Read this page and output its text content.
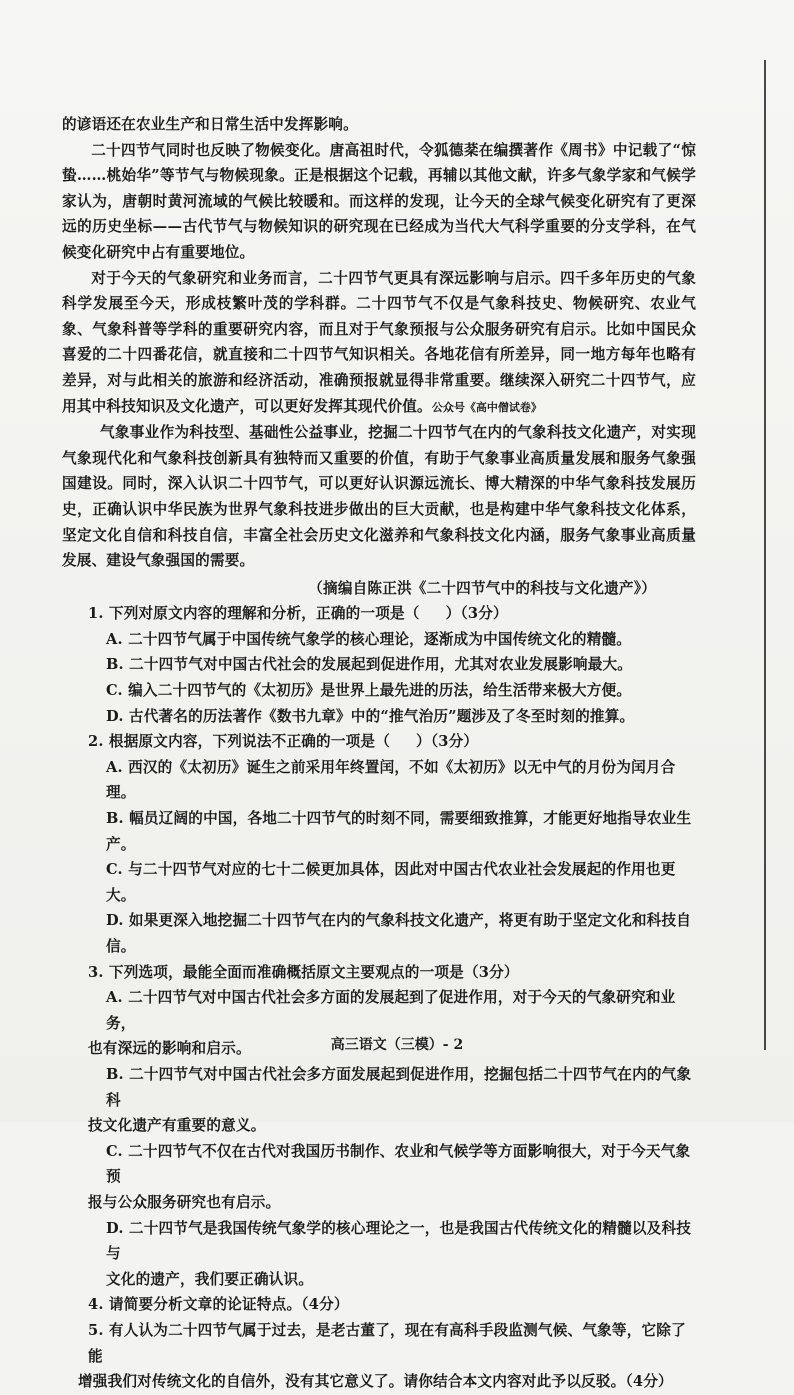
的谚语还在农业生产和日常生活中发挥影响。

二十四节气同时也反映了物候变化。唐高祖时代，令狐德棻在编撰著作《周书》中记载了“惊蛰……桃始华”等节气与物候现象。正是根据这个记载，再辅以其他文献，许多气象学家和气候学家认为，唐朝时黄河流域的气候比较暖和。而这样的发现，让今天的全球气候变化研究有了更深远的历史坐标——古代节气与物候知识的研究现在已经成为当代大气科学重要的分支学科，在气候变化研究中占有重要地位。

对于今天的气象研究和业务而言，二十四节气更具有深远影响与启示。四千多年历史的气象科学发展至今天，形成枝繁叶茂的学科群。二十四节气不仅是气象科技史、物候研究、农业气象、气象科普等学科的重要研究内容，而且对于气象预报与公众服务研究有启示。比如中国民众喜爱的二十四番花信，就直接和二十四节气知识相关。各地花信有所差异，同一地方每年也略有差异，对与此相关的旅游和经济活动，准确预报就显得非常重要。继续深入研究二十四节气，应用其中科技知识及文化遗产，可以更好发挥其现代价值。公众号《高中僧试卷》

气象事业作为科技型、基础性公益事业，挖掘二十四节气在内的气象科技文化遗产，对实现气象现代化和气象科技创新具有独特而又重要的价值，有助于气象事业高质量发展和服务气象强国建设。同时，深入认识二十四节气，可以更好认识源远流长、博大精深的中华气象科技发展历史，正确认识中华民族为世界气象科技进步做出的巨大贡献，也是构建中华气象科技文化体系，坚定文化自信和科技自信，丰富全社会历史文化滋养和气象科技文化内涵，服务气象事业高质量发展、建设气象强国的需要。

（摘编自陈正洪《二十四节气中的科技与文化遗产》）

1. 下列对原文内容的理解和分析，正确的一项是（ ）（3分）

A. 二十四节气属于中国传统气象学的核心理论，逐渐成为中国传统文化的精髓。

B. 二十四节气对中国古代社会的发展起到促进作用，尤其对农业发展影响最大。

C. 编入二十四节气的《太初历》是世界上最先进的历法，给生活带来极大方便。

D. 古代著名的历法著作《数书九章》中的“推气治历”题涉及了冬至时刻的推算。

2. 根据原文内容，下列说法不正确的一项是（ ）（3分）

A. 西汉的《太初历》诞生之前采用年终置闰，不如《太初历》以无中气的月份为闰月合理。

B. 幅员辽阔的中国，各地二十四节气的时刻不同，需要细致推算，才能更好地指导农业生产。

C. 与二十四节气对应的七十二候更加具体，因此对中国古代农业社会发展起的作用也更大。

D. 如果更深入地挖掘二十四节气在内的气象科技文化遗产，将更有助于坚定文化和科技自信。

3. 下列选项，最能全面而准确概括原文主要观点的一项是（3分）

A. 二十四节气对中国古代社会多方面的发展起到了促进作用，对于今天的气象研究和业务，

也有深远的影响和启示。

B. 二十四节气对中国古代社会多方面发展起到促进作用，挖掘包括二十四节气在内的气象科

技文化遗产有重要的意义。

C. 二十四节气不仅在古代对我国历书制作、农业和气候学等方面影响很大，对于今天气象预

报与公众服务研究也有启示。

D. 二十四节气是我国传统气象学的核心理论之一，也是我国古代传统文化的精髓以及科技与

文化的遗产，我们要正确认识。

4. 请简要分析文章的论证特点。（4分）

5. 有人认为二十四节气属于过去，是老古董了，现在有高科手段监测气候、气象等，它除了能

增强我们对传统文化的自信外，没有其它意义了。请你结合本文内容对此予以反驳。（4分）

高三语文（三模）- 2
